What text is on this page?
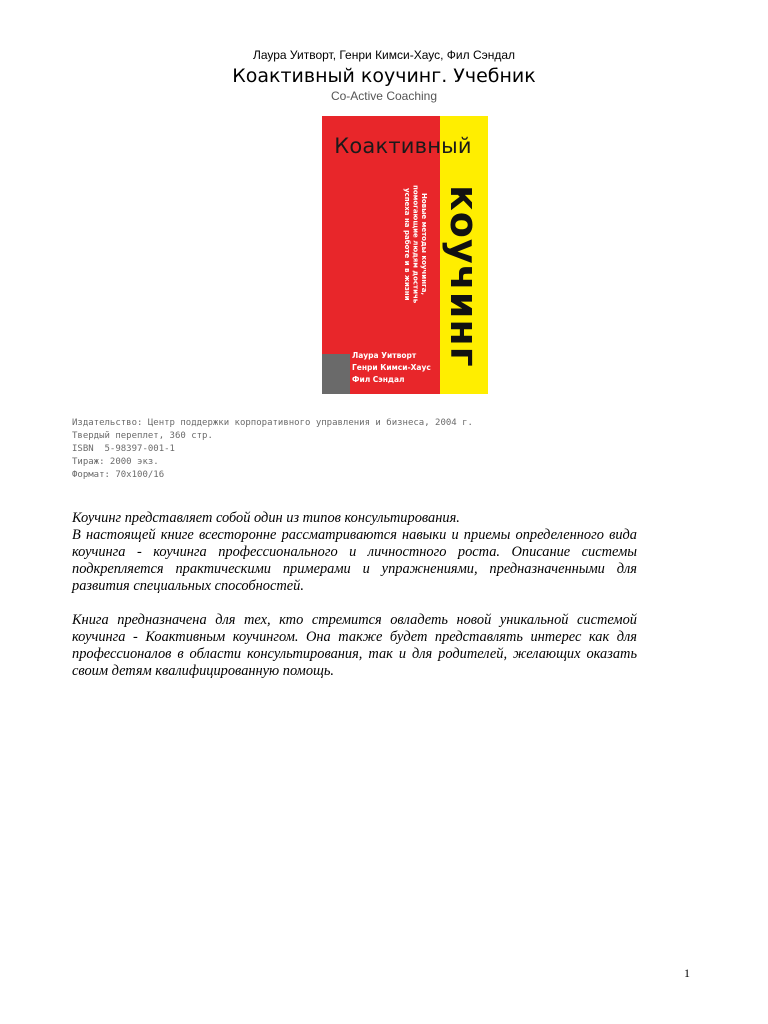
Лаура Уитворт, Генри Кимси-Хаус, Фил Сэндал
Коактивный коучинг. Учебник
Co-Active Coaching
Коактивный
коучинг
Новые методы коучинга, помогающие людям достичь успеха на работе и в жизни
Лаура Уитворт
Генри Кимси-Хаус
Фил Сэндал
Издательство: Центр поддержки корпоративного управления и бизнеса, 2004 г.
Твердый переплет, 360 стр.
ISBN  5-98397-001-1
Тираж: 2000 экз.
Формат: 70x100/16

Коучинг представляет собой один из типов консультирования.

В настоящей книге всесторонне рассматриваются навыки и приемы определенного вида коучинга - коучинга профессионального и личностного роста. Описание системы подкрепляется практическими примерами и упражнениями, предназначенными для развития специальных способностей.

Книга предназначена для тех, кто стремится овладеть новой уникальной системой коучинга - Коактивным коучингом. Она также будет представлять интерес как для профессионалов в области консультирования, так и для родителей, желающих оказать своим детям квалифицированную помощь.

1
